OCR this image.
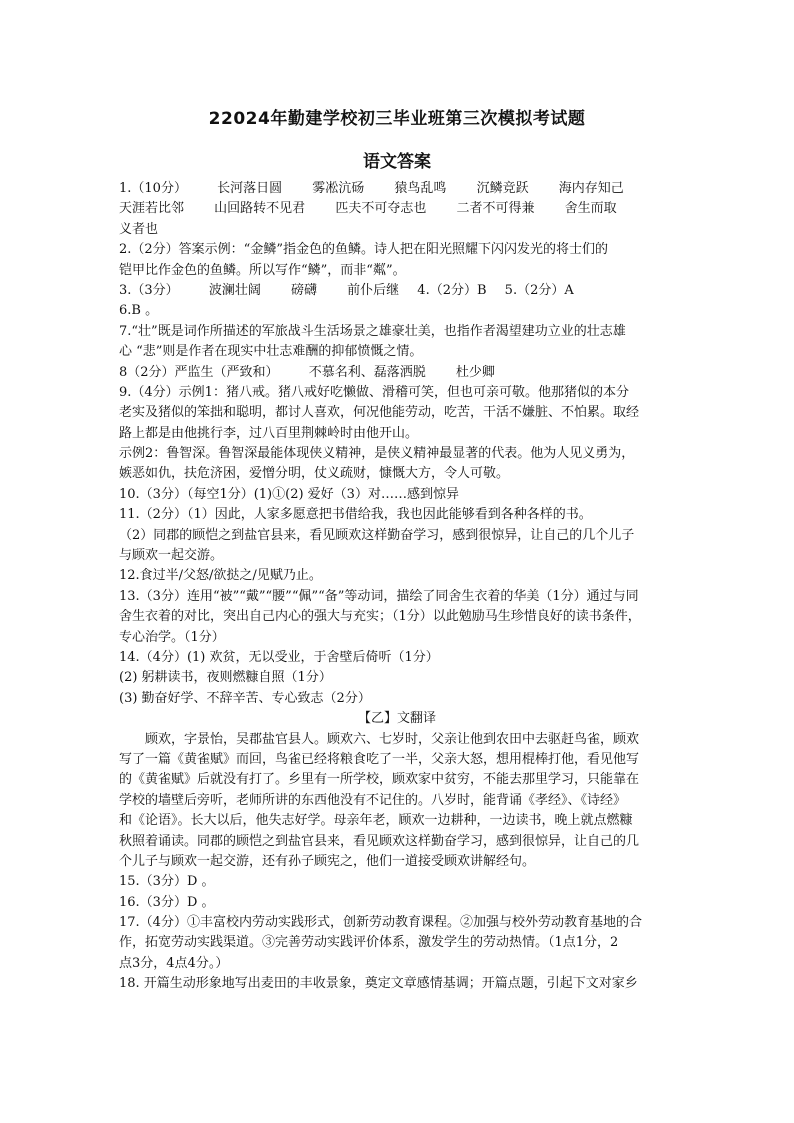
22024年勤建学校初三毕业班第三次模拟考试题
语文答案
1.（10分） 长河落日圆 雾凇沆砀 猿鸟乱鸣 沉鳞竞跃 海内存知己
天涯若比邻 山回路转不见君 匹夫不可夺志也 二者不可得兼 舍生而取
义者也
2.（2分）答案示例：“金鳞”指金色的鱼鳞。诗人把在阳光照耀下闪闪发光的将士们的
铠甲比作金色的鱼鳞。所以写作“鳞”，而非“粼”。
3.（3分） 波澜壮阔 磅礴 前仆后继 4.（2分）B 5.（2分）A
6.B 。
7.“壮”既是词作所描述的军旅战斗生活场景之雄豪壮美，也指作者渴望建功立业的壮志雄
心 “悲”则是作者在现实中壮志难酬的抑郁愤慨之情。
8（2分）严监生（严致和） 不慕名利、磊落洒脱 杜少卿
9.（4分）示例1：猪八戒。猪八戒好吃懒做、滑稽可笑，但也可亲可敬。他那猪似的本分
老实及猪似的笨拙和聪明，都讨人喜欢，何况他能劳动，吃苦，干活不嫌脏、不怕累。取经
路上都是由他挑行李，过八百里荆棘岭时由他开山。
示例2：鲁智深。鲁智深最能体现侠义精神，是侠义精神最显著的代表。他为人见义勇为，
嫉恶如仇，扶危济困，爱憎分明，仗义疏财，慷慨大方，令人可敬。
10.（3分）（每空1分）(1)①(2) 爱好（3）对……感到惊异
11.（2分）（1）因此，人家多愿意把书借给我，我也因此能够看到各种各样的书。
（2）同郡的顾恺之到盐官县来，看见顾欢这样勤奋学习，感到很惊异，让自己的几个儿子
与顾欢一起交游。
12.食过半/父怒/欲挞之/见赋乃止。
13.（3分）连用“被”“戴”“腰”“佩”“备”等动词，描绘了同舍生衣着的华美（1分）通过与同
舍生衣着的对比，突出自己内心的强大与充实；（1分）以此勉励马生珍惜良好的读书条件，
专心治学。（1分）
14.（4分）(1) 欢贫，无以受业，于舍壁后倚听（1分）
(2) 躬耕读书，夜则燃糠自照（1分）
(3) 勤奋好学、不辞辛苦、专心致志（2分）
【乙】文翻译
顾欢，字景怡，吴郡盐官县人。顾欢六、七岁时，父亲让他到农田中去驱赶鸟雀，顾欢
写了一篇《黄雀赋》而回，鸟雀已经将粮食吃了一半，父亲大怒，想用棍棒打他，看见他写
的《黄雀赋》后就没有打了。乡里有一所学校，顾欢家中贫穷，不能去那里学习，只能靠在
学校的墙壁后旁听，老师所讲的东西他没有不记住的。八岁时，能背诵《孝经》、《诗经》
和《论语》。长大以后，他失志好学。母亲年老，顾欢一边耕种，一边读书，晚上就点燃糠
秋照着诵读。同郡的顾恺之到盐官县来，看见顾欢这样勤奋学习，感到很惊异，让自己的几
个儿子与顾欢一起交游，还有孙子顾宪之，他们一道接受顾欢讲解经句。
15.（3分）D 。
16.（3分）D 。
17.（4分）①丰富校内劳动实践形式，创新劳动教育课程。②加强与校外劳动教育基地的合
作，拓宽劳动实践渠道。③完善劳动实践评价体系，激发学生的劳动热情。（1点1分，2
点3分，4点4分。）
18. 开篇生动形象地写出麦田的丰收景象，奠定文章感情基调；开篇点题，引起下文对家乡
